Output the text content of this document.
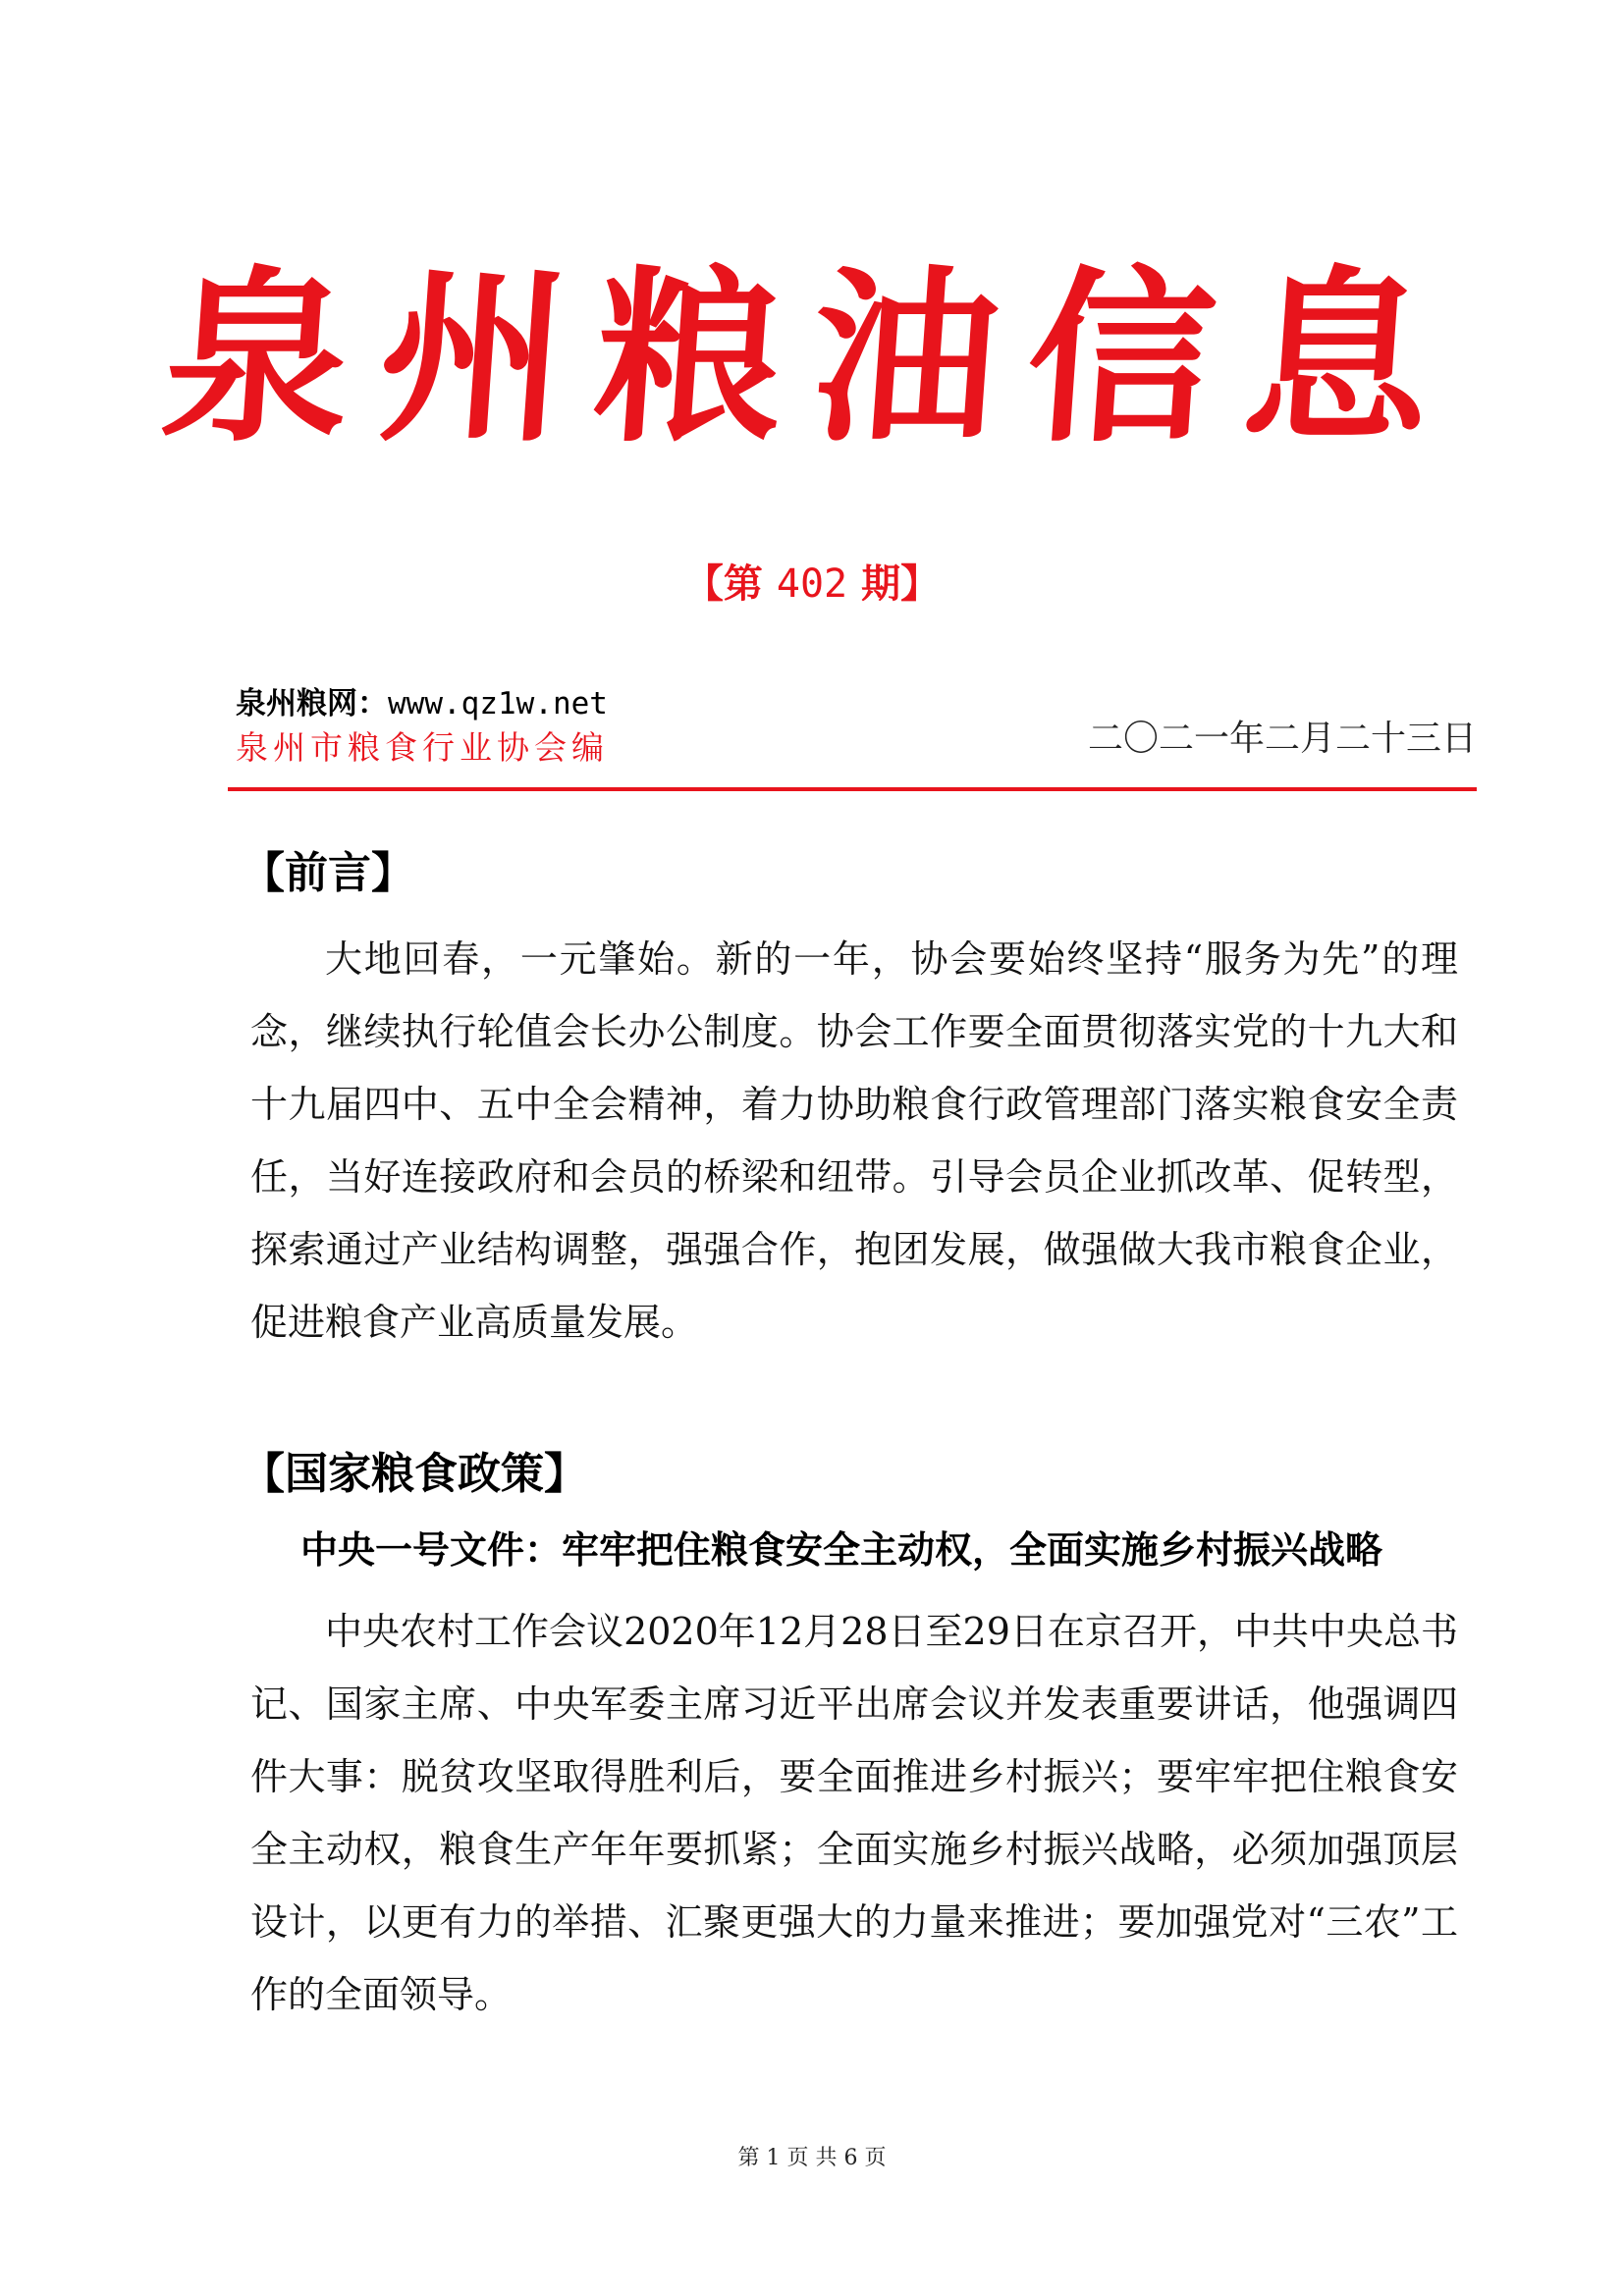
泉州粮油信息
【第 402 期】
泉州粮网：www.qz1w.net
泉州市粮食行业协会编	二〇二一年二月二十三日
【前言】
大地回春，一元肇始。新的一年，协会要始终坚持“服务为先”的理念，继续执行轮值会长办公制度。协会工作要全面贯彻落实党的十九大和十九届四中、五中全会精神，着力协助粮食行政管理部门落实粮食安全责任，当好连接政府和会员的桥梁和纽带。引导会员企业抓改革、促转型，探索通过产业结构调整，强强合作，抱团发展，做强做大我市粮食企业，促进粮食产业高质量发展。
【国家粮食政策】
中央一号文件：牢牢把住粮食安全主动权，全面实施乡村振兴战略
中央农村工作会议2020年12月28日至29日在京召开，中共中央总书记、国家主席、中央军委主席习近平出席会议并发表重要讲话，他强调四件大事：脱贫攻坚取得胜利后，要全面推进乡村振兴；要牢牢把住粮食安全主动权，粮食生产年年要抓紧；全面实施乡村振兴战略，必须加强顶层设计，以更有力的举措、汇聚更强大的力量来推进；要加强党对“三农”工作的全面领导。
第 1 页 共 6 页
